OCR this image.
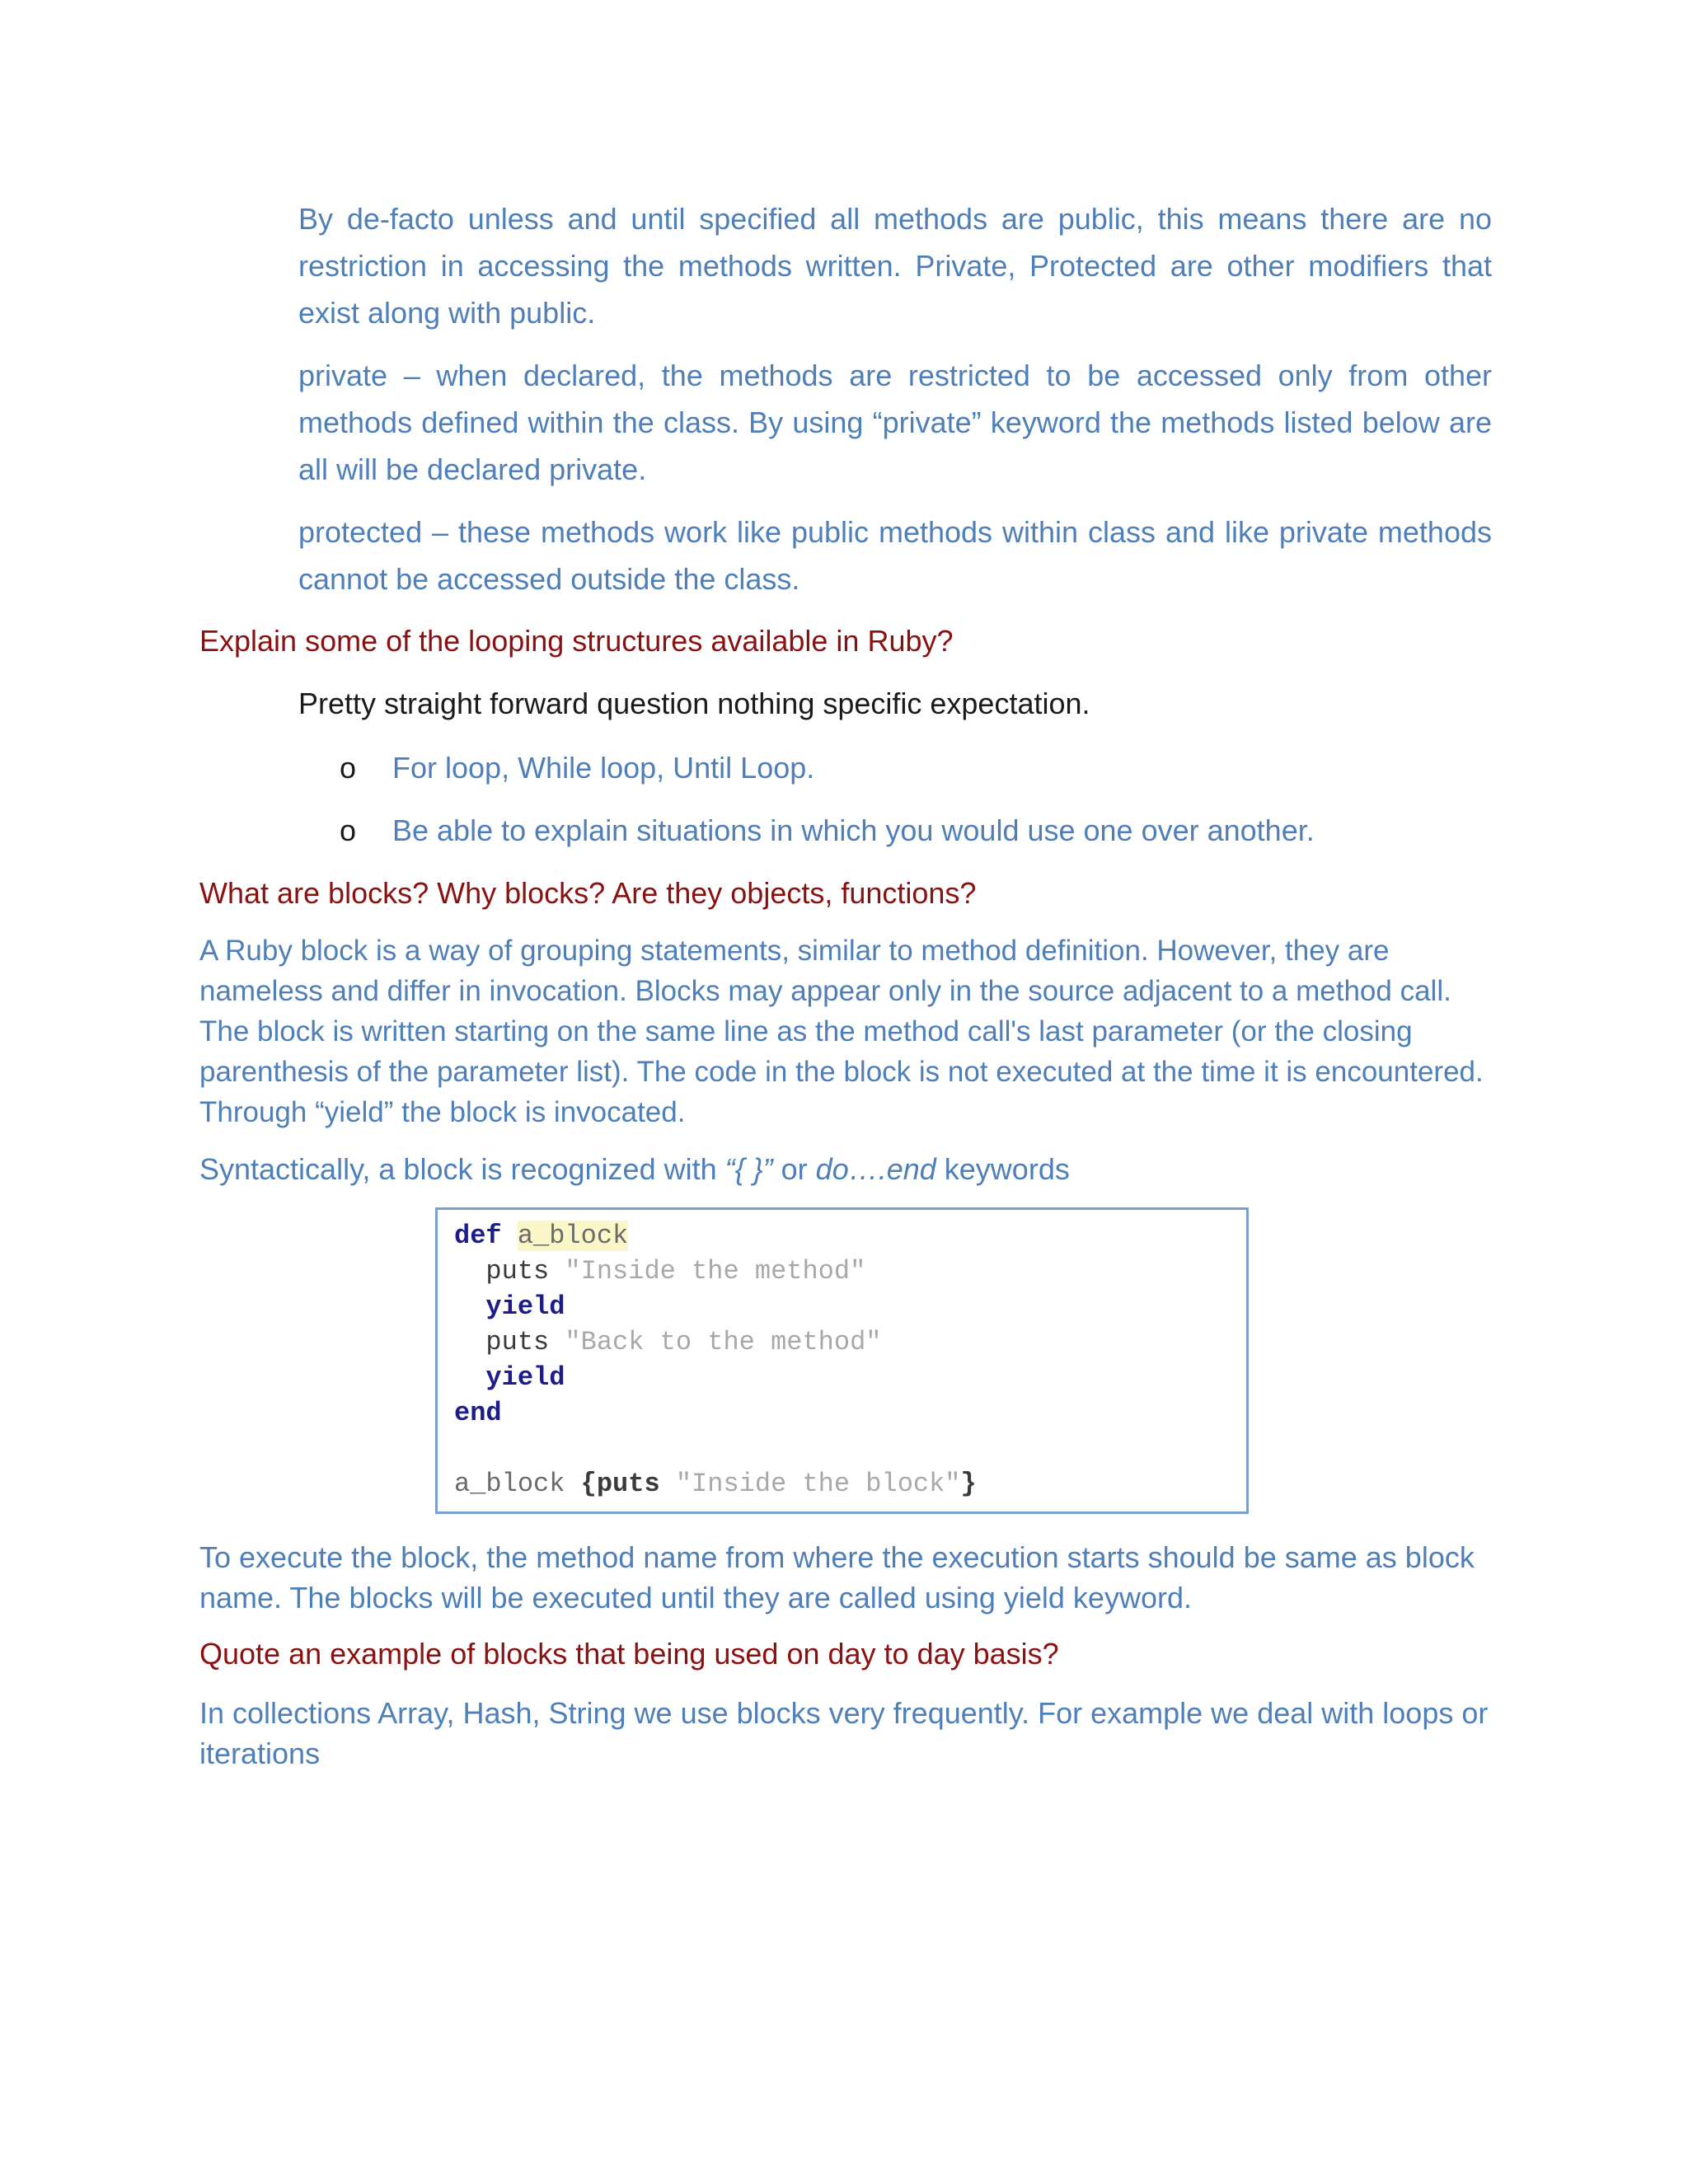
By de-facto unless and until specified all methods are public, this means there are no restriction in accessing the methods written. Private, Protected are other modifiers that exist along with public.

private – when declared, the methods are restricted to be accessed only from other methods defined within the class. By using “private” keyword the methods listed below are all will be declared private.

protected – these methods work like public methods within class and like private methods cannot be accessed outside the class.

Explain some of the looping structures available in Ruby?

Pretty straight forward question nothing specific expectation.

o For loop, While loop, Until Loop.
o Be able to explain situations in which you would use one over another.

What are blocks? Why blocks? Are they objects, functions?

A Ruby block is a way of grouping statements, similar to method definition. However, they are nameless and differ in invocation. Blocks may appear only in the source adjacent to a method call. The block is written starting on the same line as the method call's last parameter (or the closing parenthesis of the parameter list). The code in the block is not executed at the time it is encountered. Through “yield” the block is invocated.

Syntactically, a block is recognized with “{ }” or do….end keywords

def a_block
puts "Inside the method"
yield
puts "Back to the method"
yield
end
a_block {puts "Inside the block"}

To execute the block, the method name from where the execution starts should be same as block name. The blocks will be executed until they are called using yield keyword.

Quote an example of blocks that being used on day to day basis?

In collections Array, Hash, String we use blocks very frequently. For example we deal with loops or iterations
